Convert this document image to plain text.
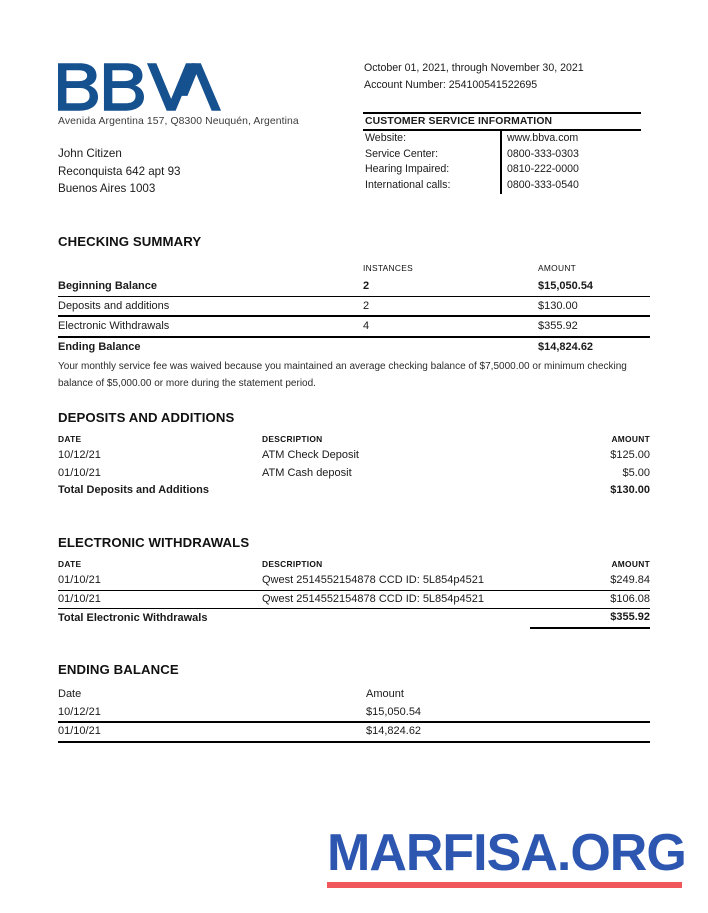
Avenida Argentina 157, Q8300 Neuquén, Argentina
John Citizen
Reconquista 642 apt 93
Buenos Aires 1003
October 01, 2021, through November 30, 2021
Account Number: 254100541522695
CUSTOMER SERVICE INFORMATION
Website:	www.bbva.com
Service Center:	0800-333-0303
Hearing Impaired:	0810-222-0000
International calls:	0800-333-0540
CHECKING SUMMARY
	INSTANCES	AMOUNT
Beginning Balance	2	$15,050.54
Deposits and additions	2	$130.00
Electronic Withdrawals	4	$355.92
Ending Balance		$14,824.62
Your monthly service fee was waived because you maintained an average checking balance of $7,5000.00 or minimum checking balance of $5,000.00 or more during the statement period.
DEPOSITS AND ADDITIONS
DATE	DESCRIPTION	AMOUNT
10/12/21	ATM Check Deposit	$125.00
01/10/21	ATM Cash deposit	$5.00
Total Deposits and Additions		$130.00
ELECTRONIC WITHDRAWALS
DATE	DESCRIPTION	AMOUNT
01/10/21	Qwest 2514552154878 CCD ID: 5L854p4521	$249.84
01/10/21	Qwest 2514552154878 CCD ID: 5L854p4521	$106.08
Total Electronic Withdrawals		$355.92
ENDING BALANCE
Date	Amount
10/12/21	$15,050.54
01/10/21	$14,824.62
MARFISA.ORG
